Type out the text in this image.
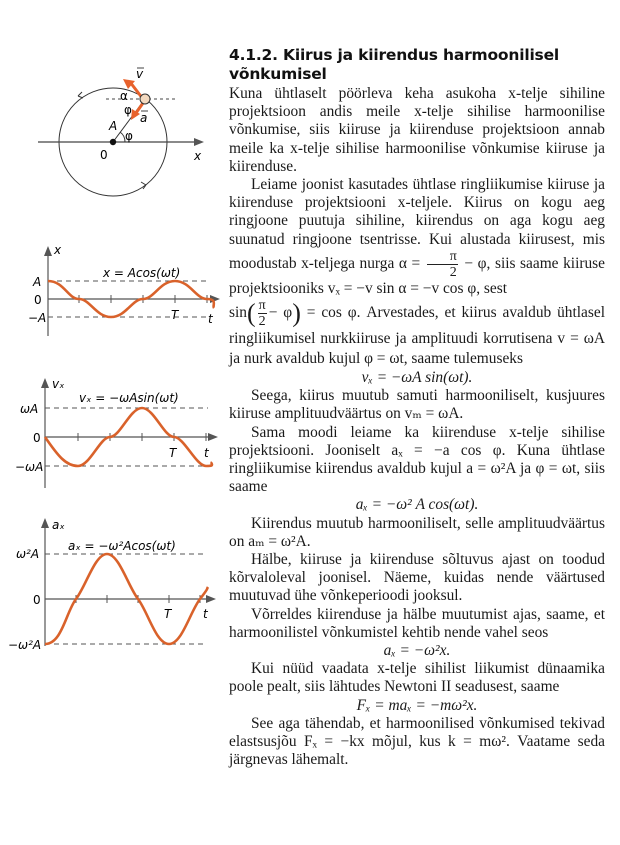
v
α
φ
a
A
φ
0	x
x
x = Acos(ωt)
A
0
−A	T t
vₓ
vₓ = −ωAsin(ωt)
ωA
0
−ωA
T t
aₓ
aₓ = −ω²Acos(ωt)
ω²A
0
−ω²A
T	t
4.1.2. Kiirus ja kiirendus harmoonilisel
võnkumisel

Kuna ühtlaselt pöörleva keha asukoha x-telje sihiline projektsioon andis meile x-telje sihilise harmoonilise võnkumise, siis kiiruse ja kiirenduse projektsioon annab meile ka x-telje sihilise harmoonilise võnkumise kiiruse ja kiirenduse.

Leiame joonist kasutades ühtlase ringliikumise kiiruse ja kiirenduse projektsiooni x-teljele. Kiirus on kogu aeg ringjoone puutuja sihiline, kiirendus on aga kogu aeg suunatud ringjoone tsentrisse. Kui alustada kiirusest, mis moodustab x-teljega nurga $\alpha = \frac{\pi}{2} - \varphi$, siis saame kiiruse projektsiooniks vₓ = −v sin α = −v cos φ, sest

$\sin( \frac{\pi}{2} - \varphi) = \cos \varphi$. Arvestades, et kiirus avaldub ühtlasel ringliikumisel nurkkiiruse ja amplituudi korrutisena v = ωA ja nurk avaldub kujul φ = ωt, saame tulemuseks

vₓ = −ωA sin(ωt).

Seega, kiirus muutub samuti harmooniliselt, kusjuures kiiruse amplituudväärtus on vₘ = ωA.

Sama moodi leiame ka kiirenduse x-telje sihilise projektsiooni. Jooniselt aₓ = −a cos φ. Kuna ühtlase ringliikumise kiirendus avaldub kujul a = ω²A ja φ = ωt, siis saame

aₓ = −ω² A cos(ωt).

Kiirendus muutub harmooniliselt, selle amplituudväärtus on aₘ = ω²A.

Hälbe, kiiruse ja kiirenduse sõltuvus ajast on toodud kõrvaloleval joonisel. Näeme, kuidas nende väärtused muutuvad ühe võnkeperioodi jooksul.

Võrreldes kiirenduse ja hälbe muutumist ajas, saame, et harmoonilistel võnkumistel kehtib nende vahel seos

aₓ = −ω²x.

Kui nüüd vaadata x-telje sihilist liikumist dünaamika poole pealt, siis lähtudes Newtoni II seadusest, saame

Fₓ = maₓ = −mω²x.

See aga tähendab, et harmoonilised võnkumised tekivad elastsusjõu Fₓ = −kx mõjul, kus k = mω². Vaatame seda järgnevas lähemalt.
